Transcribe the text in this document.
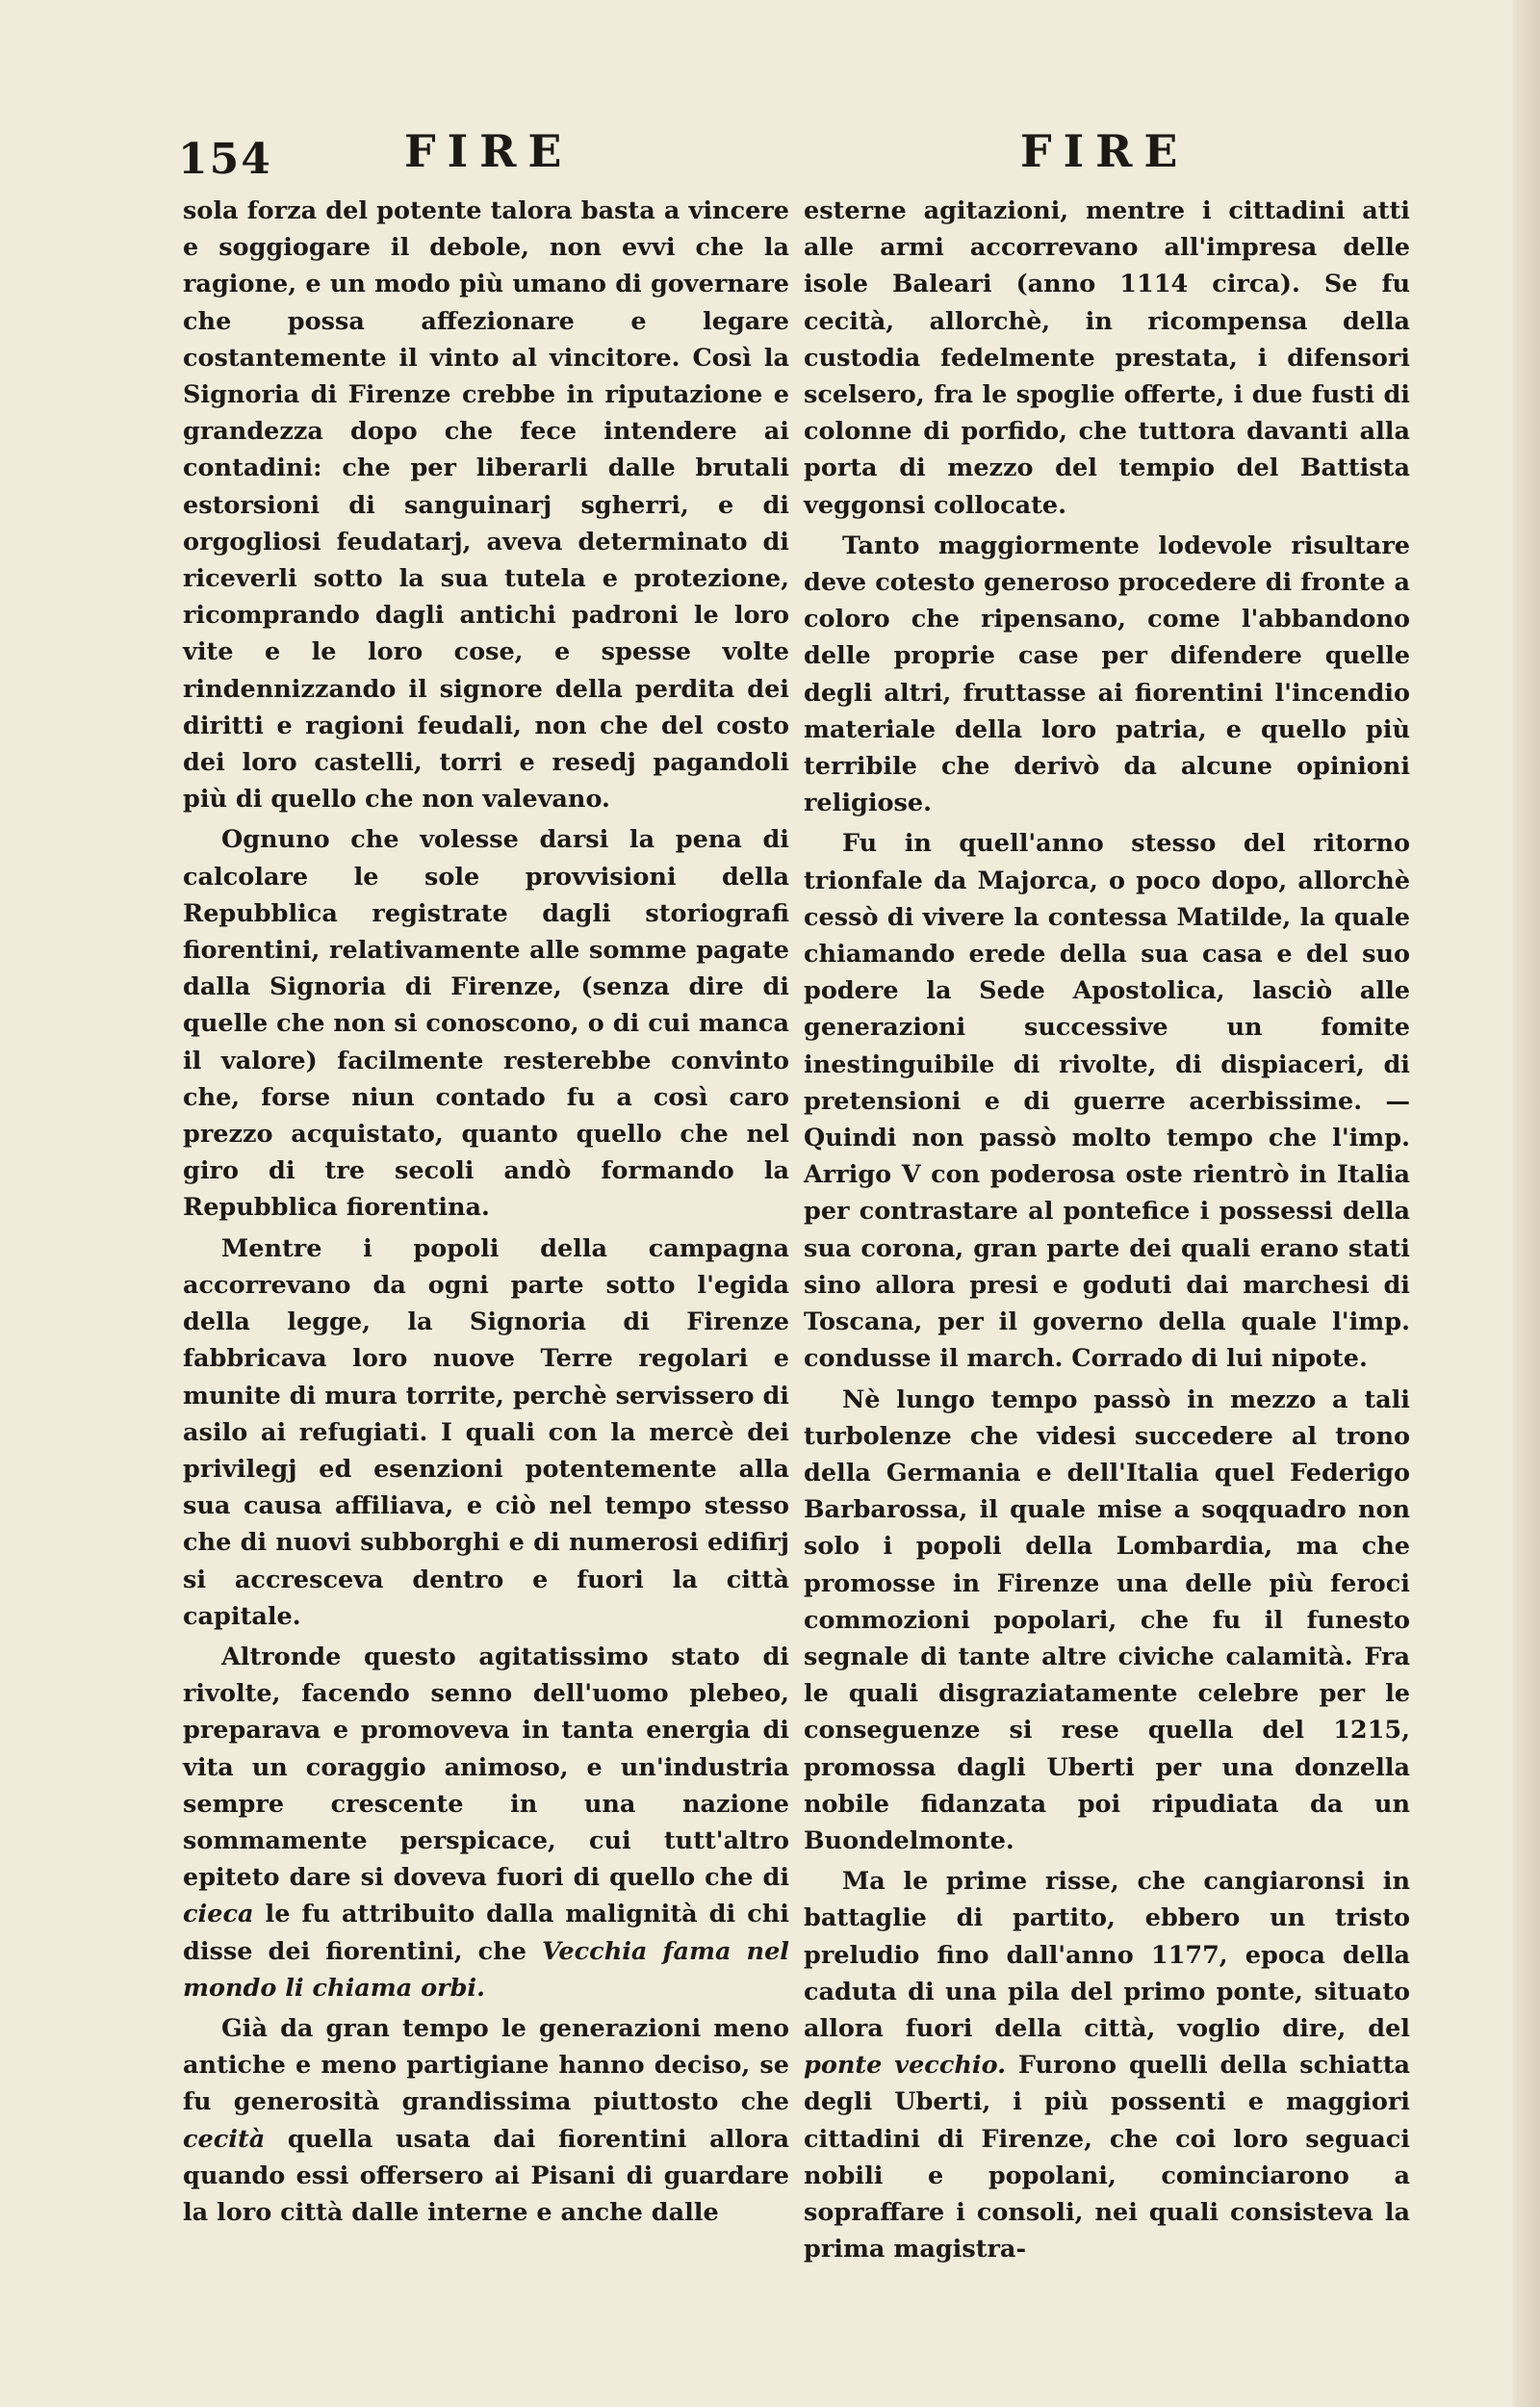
154	FIRE	FIRE

sola forza del potente talora basta a vincere e soggiogare il debole, non evvi che la ragione, e un modo più umano di governare che possa affezionare e legare costantemente il vinto al vincitore. Così la Signoria di Firenze crebbe in riputazione e grandezza dopo che fece intendere ai contadini: che per liberarli dalle brutali estorsioni di sanguinarj sgherri, e di orgogliosi feudatarj, aveva determinato di riceverli sotto la sua tutela e protezione, ricomprando dagli antichi padroni le loro vite e le loro cose, e spesse volte rindennizzando il signore della perdita dei diritti e ragioni feudali, non che del costo dei loro castelli, torri e resedj pagandoli più di quello che non valevano.

Ognuno che volesse darsi la pena di calcolare le sole provvisioni della Repubblica registrate dagli storiografi fiorentini, relativamente alle somme pagate dalla Signoria di Firenze, (senza dire di quelle che non si conoscono, o di cui manca il valore) facilmente resterebbe convinto che, forse niun contado fu a così caro prezzo acquistato, quanto quello che nel giro di tre secoli andò formando la Repubblica fiorentina.

Mentre i popoli della campagna accorrevano da ogni parte sotto l'egida della legge, la Signoria di Firenze fabbricava loro nuove Terre regolari e munite di mura torrite, perchè servissero di asilo ai refugiati. I quali con la mercè dei privilegj ed esenzioni potentemente alla sua causa affiliava, e ciò nel tempo stesso che di nuovi subborghi e di numerosi edifirj si accresceva dentro e fuori la città capitale.

Altronde questo agitatissimo stato di rivolte, facendo senno dell'uomo plebeo, preparava e promoveva in tanta energia di vita un coraggio animoso, e un'industria sempre crescente in una nazione sommamente perspicace, cui tutt'altro epiteto dare si doveva fuori di quello che di cieca le fu attribuito dalla malignità di chi disse dei fiorentini, che Vecchia fama nel mondo li chiama orbi.

Già da gran tempo le generazioni meno antiche e meno partigiane hanno deciso, se fu generosità grandissima piuttosto che cecità quella usata dai fiorentini allora quando essi offersero ai Pisani di guardare la loro città dalle interne e anche dalle

esterne agitazioni, mentre i cittadini atti alle armi accorrevano all'impresa delle isole Baleari (anno 1114 circa). Se fu cecità, allorchè, in ricompensa della custodia fedelmente prestata, i difensori scelsero, fra le spoglie offerte, i due fusti di colonne di porfido, che tuttora davanti alla porta di mezzo del tempio del Battista veggonsi collocate.

Tanto maggiormente lodevole risultare deve cotesto generoso procedere di fronte a coloro che ripensano, come l'abbandono delle proprie case per difendere quelle degli altri, fruttasse ai fiorentini l'incendio materiale della loro patria, e quello più terribile che derivò da alcune opinioni religiose.

Fu in quell'anno stesso del ritorno trionfale da Majorca, o poco dopo, allorchè cessò di vivere la contessa Matilde, la quale chiamando erede della sua casa e del suo podere la Sede Apostolica, lasciò alle generazioni successive un fomite inestinguibile di rivolte, di dispiaceri, di pretensioni e di guerre acerbissime. — Quindi non passò molto tempo che l'imp. Arrigo V con poderosa oste rientrò in Italia per contrastare al pontefice i possessi della sua corona, gran parte dei quali erano stati sino allora presi e goduti dai marchesi di Toscana, per il governo della quale l'imp. condusse il march. Corrado di lui nipote.

Nè lungo tempo passò in mezzo a tali turbolenze che videsi succedere al trono della Germania e dell'Italia quel Federigo Barbarossa, il quale mise a soqquadro non solo i popoli della Lombardia, ma che promosse in Firenze una delle più feroci commozioni popolari, che fu il funesto segnale di tante altre civiche calamità. Fra le quali disgraziatamente celebre per le conseguenze si rese quella del 1215, promossa dagli Uberti per una donzella nobile fidanzata poi ripudiata da un Buondelmonte.

Ma le prime risse, che cangiaronsi in battaglie di partito, ebbero un tristo preludio fino dall'anno 1177, epoca della caduta di una pila del primo ponte, situato allora fuori della città, voglio dire, del ponte vecchio. Furono quelli della schiatta degli Uberti, i più possenti e maggiori cittadini di Firenze, che coi loro seguaci nobili e popolani, cominciarono a sopraffare i consoli, nei quali consisteva la prima magistra-
